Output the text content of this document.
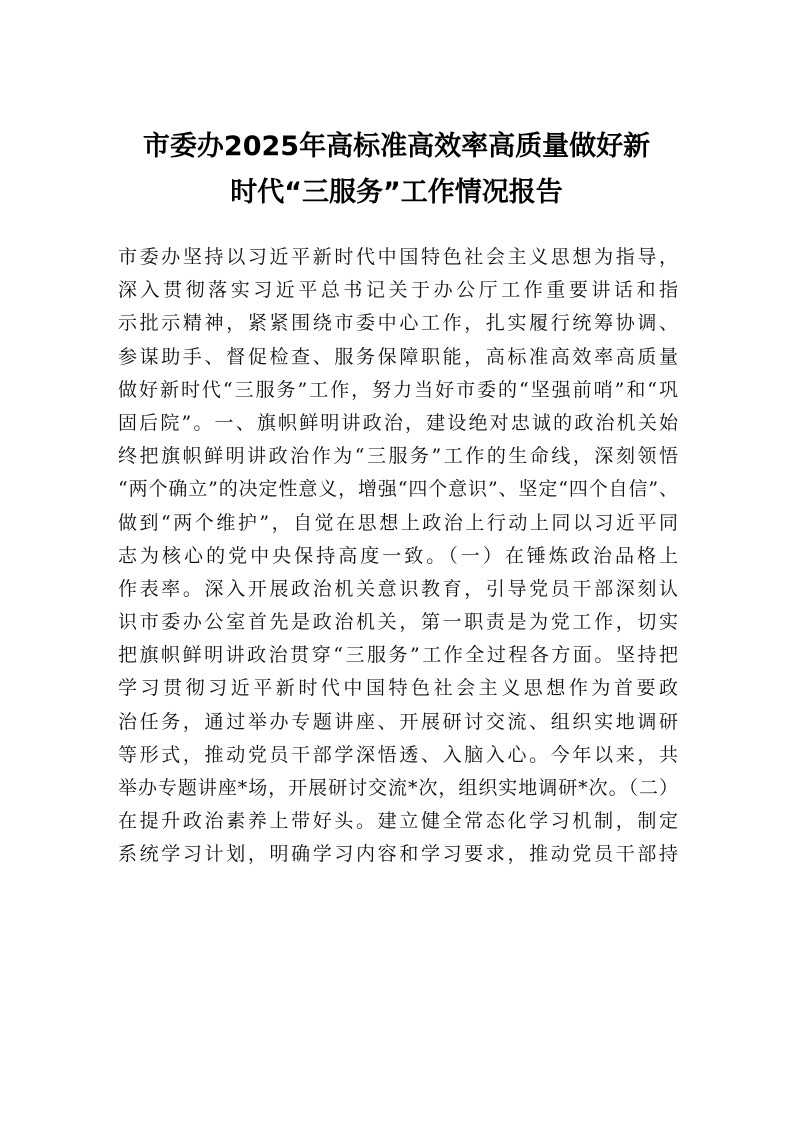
市委办2025年高标准高效率高质量做好新
时代“三服务”工作情况报告
市委办坚持以习近平新时代中国特色社会主义思想为指导，
深入贯彻落实习近平总书记关于办公厅工作重要讲话和指
示批示精神，紧紧围绕市委中心工作，扎实履行统筹协调、
参谋助手、督促检查、服务保障职能，高标准高效率高质量
做好新时代“三服务”工作，努力当好市委的“坚强前哨”和“巩
固后院”。一、旗帜鲜明讲政治，建设绝对忠诚的政治机关始
终把旗帜鲜明讲政治作为“三服务”工作的生命线，深刻领悟
“两个确立”的决定性意义，增强“四个意识”、坚定“四个自信”、
做到“两个维护”，自觉在思想上政治上行动上同以习近平同
志为核心的党中央保持高度一致。（一）在锤炼政治品格上
作表率。深入开展政治机关意识教育，引导党员干部深刻认
识市委办公室首先是政治机关，第一职责是为党工作，切实
把旗帜鲜明讲政治贯穿“三服务”工作全过程各方面。坚持把
学习贯彻习近平新时代中国特色社会主义思想作为首要政
治任务，通过举办专题讲座、开展研讨交流、组织实地调研
等形式，推动党员干部学深悟透、入脑入心。今年以来，共
举办专题讲座*场，开展研讨交流*次，组织实地调研*次。（二）
在提升政治素养上带好头。建立健全常态化学习机制，制定
系统学习计划，明确学习内容和学习要求，推动党员干部持
